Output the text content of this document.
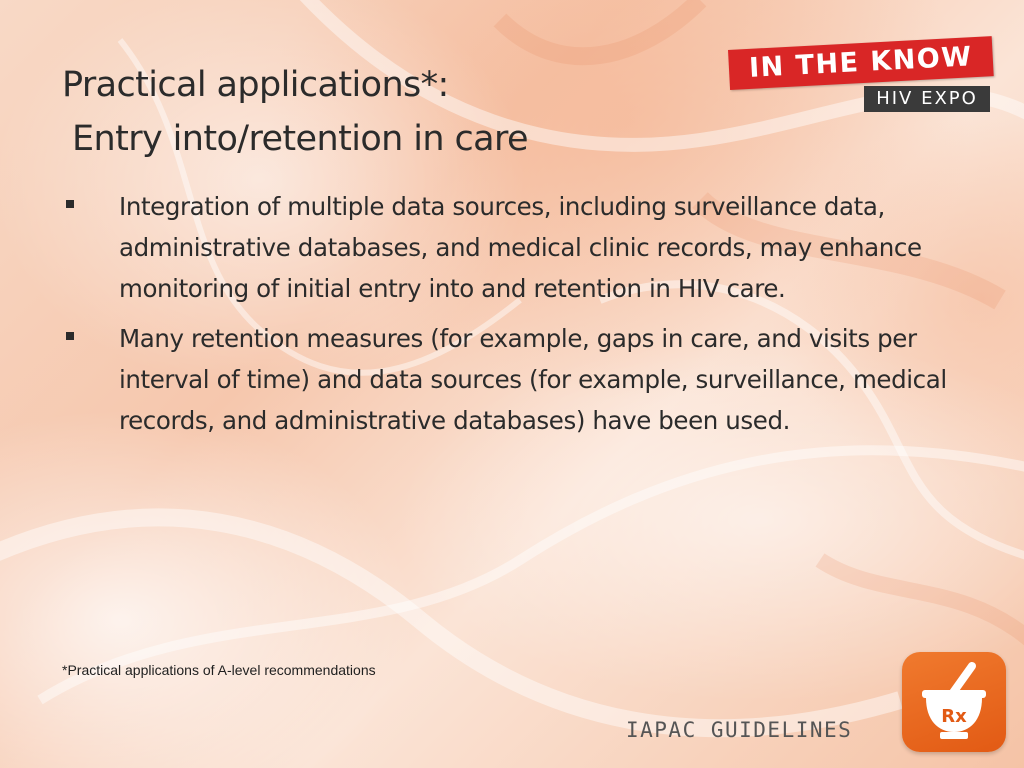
Practical applications*:
Entry into/retention in care
IN THE KNOW
HIV EXPO
Integration of multiple data sources, including surveillance data, administrative databases, and medical clinic records, may enhance monitoring of initial entry into and retention in HIV care.
Many retention measures (for example, gaps in care, and visits per interval of time) and data sources (for example, surveillance, medical records, and administrative databases) have been used.
*Practical applications of A-level recommendations
IAPAC GUIDELINES
Rx
